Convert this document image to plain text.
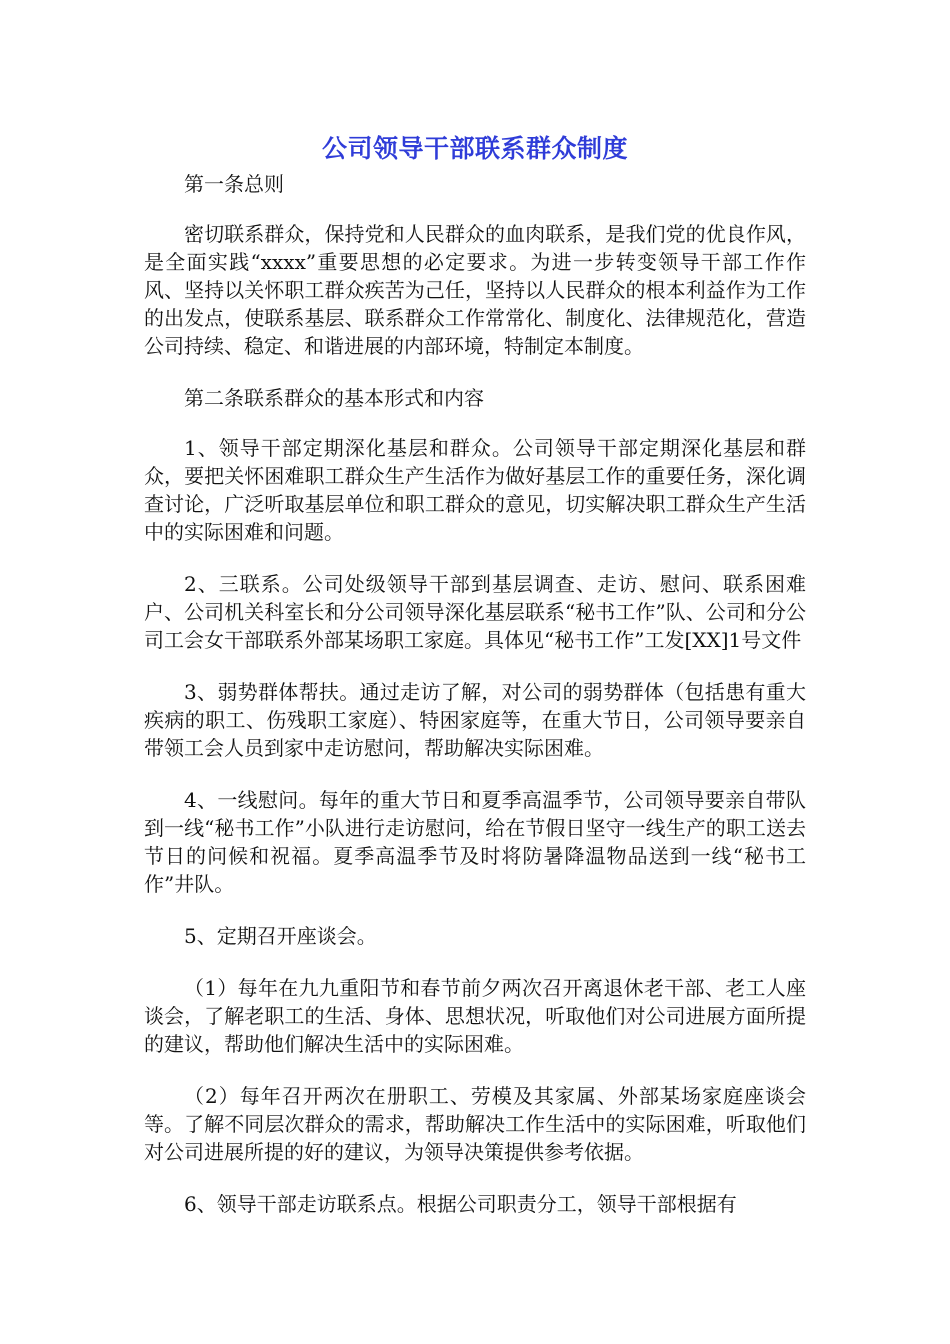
公司领导干部联系群众制度

第一条总则

密切联系群众，保持党和人民群众的血肉联系，是我们党的优良作风，是全面实践“xxxx”重要思想的必定要求。为进一步转变领导干部工作作风、坚持以关怀职工群众疾苦为己任，坚持以人民群众的根本利益作为工作的出发点，使联系基层、联系群众工作常常化、制度化、法律规范化，营造公司持续、稳定、和谐进展的内部环境，特制定本制度。

第二条联系群众的基本形式和内容

1、领导干部定期深化基层和群众。公司领导干部定期深化基层和群众，要把关怀困难职工群众生产生活作为做好基层工作的重要任务，深化调查讨论，广泛听取基层单位和职工群众的意见，切实解决职工群众生产生活中的实际困难和问题。

2、三联系。公司处级领导干部到基层调查、走访、慰问、联系困难户、公司机关科室长和分公司领导深化基层联系“秘书工作”队、公司和分公司工会女干部联系外部某场职工家庭。具体见“秘书工作”工发[XX]1号文件

3、弱势群体帮扶。通过走访了解，对公司的弱势群体（包括患有重大疾病的职工、伤残职工家庭）、特困家庭等，在重大节日，公司领导要亲自带领工会人员到家中走访慰问，帮助解决实际困难。

4、一线慰问。每年的重大节日和夏季高温季节，公司领导要亲自带队到一线“秘书工作”小队进行走访慰问，给在节假日坚守一线生产的职工送去节日的问候和祝福。夏季高温季节及时将防暑降温物品送到一线“秘书工作”井队。

5、定期召开座谈会。

（1）每年在九九重阳节和春节前夕两次召开离退休老干部、老工人座谈会，了解老职工的生活、身体、思想状况，听取他们对公司进展方面所提的建议，帮助他们解决生活中的实际困难。

（2）每年召开两次在册职工、劳模及其家属、外部某场家庭座谈会等。了解不同层次群众的需求，帮助解决工作生活中的实际困难，听取他们对公司进展所提的好的建议，为领导决策提供参考依据。

6、领导干部走访联系点。根据公司职责分工，领导干部根据有
